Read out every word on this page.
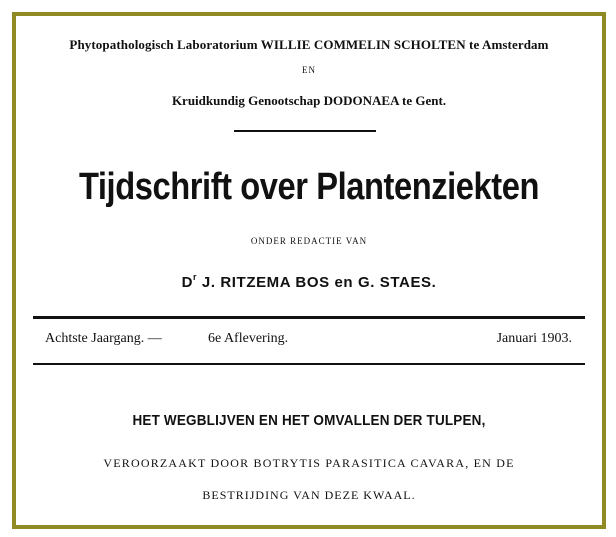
Phytopathologisch Laboratorium WILLIE COMMELIN SCHOLTEN te Amsterdam
EN
Kruidkundig Genootschap DODONAEA te Gent.
Tijdschrift over Plantenziekten
ONDER REDACTIE VAN
$D^r$ J. RITZEMA BOS en G. STAES.
Achtste Jaargang. —	6e Aflevering.	Januari 1903.
HET WEGBLIJVEN EN HET OMVALLEN DER TULPEN,
VEROORZAAKT DOOR BOTRYTIS PARASITICA CAVARA, EN DE
BESTRIJDING VAN DEZE KWAAL.
